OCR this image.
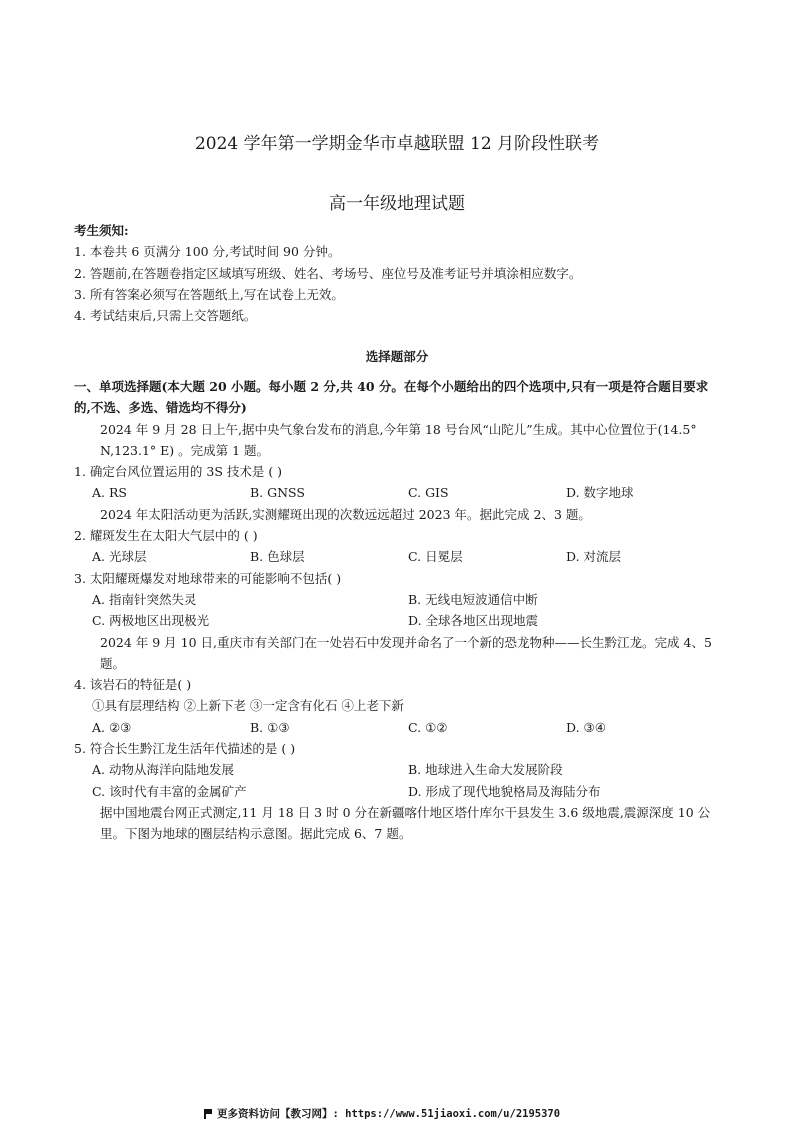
2024 学年第一学期金华市卓越联盟 12 月阶段性联考
高一年级地理试题
考生须知:
1. 本卷共 6 页满分 100 分,考试时间 90 分钟。
2. 答题前,在答题卷指定区域填写班级、姓名、考场号、座位号及准考证号并填涂相应数字。
3. 所有答案必须写在答题纸上,写在试卷上无效。
4. 考试结束后,只需上交答题纸。
选择题部分
一、单项选择题(本大题 20 小题。每小题 2 分,共 40 分。在每个小题给出的四个选项中,只有一项是符合题目要求的,不选、多选、错选均不得分)
2024 年 9 月 28 日上午,据中央气象台发布的消息,今年第 18 号台风“山陀儿”生成。其中心位置位于(14.5° N,123.1° E) 。完成第 1 题。
1. 确定台风位置运用的 3S 技术是 ( )
A. RS	B. GNSS	C. GIS	D. 数字地球
2024 年太阳活动更为活跃,实测耀斑出现的次数远远超过 2023 年。据此完成 2、3 题。
2. 耀斑发生在太阳大气层中的 ( )
A. 光球层	B. 色球层	C. 日冕层	D. 对流层
3. 太阳耀斑爆发对地球带来的可能影响不包括( )
A. 指南针突然失灵	B. 无线电短波通信中断
C. 两极地区出现极光	D. 全球各地区出现地震
2024 年 9 月 10 日,重庆市有关部门在一处岩石中发现并命名了一个新的恐龙物种——长生黔江龙。完成 4、5 题。
4. 该岩石的特征是( )
①具有层理结构 ②上新下老 ③一定含有化石 ④上老下新
A. ②③	B. ①③	C. ①②	D. ③④
5. 符合长生黔江龙生活年代描述的是 ( )
A. 动物从海洋向陆地发展	B. 地球进入生命大发展阶段
C. 该时代有丰富的金属矿产	D. 形成了现代地貌格局及海陆分布
据中国地震台网正式测定,11 月 18 日 3 时 0 分在新疆喀什地区塔什库尔干县发生 3.6 级地震,震源深度 10 公里。下图为地球的圈层结构示意图。据此完成 6、7 题。
更多资料访问【教习网】: https://www.51jiaoxi.com/u/2195370
